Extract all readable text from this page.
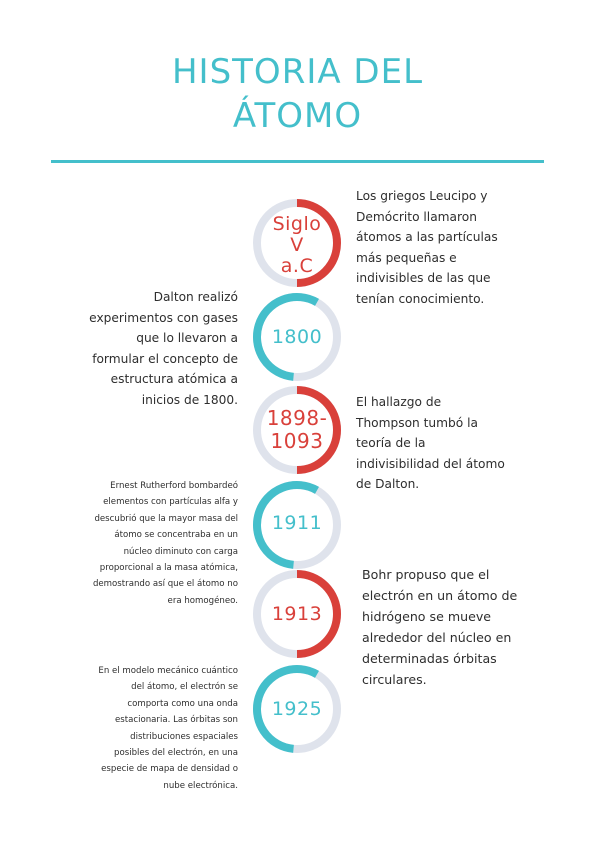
HISTORIA DEL
ÁTOMO
Siglo
V
a.C
1800
1898-
1093
1911
1913
1925

Los griegos Leucipo y Demócrito llamaron átomos a las partículas más pequeñas e indivisibles de las que tenían conocimiento.

Dalton realizó experimentos con gases que lo llevaron a formular el concepto de estructura atómica a inicios de 1800.	El hallazgo de Thompson tumbó la teoría de la indivisibilidad del átomo de Dalton.

Ernest Rutherford bombardeó elementos con partículas alfa y descubrió que la mayor masa del átomo se concentraba en un núcleo diminuto con carga proporcional a la masa atómica, demostrando así que el átomo no era homogéneo.

Bohr propuso que el electrón en un átomo de hidrógeno se mueve alrededor del núcleo en determinadas órbitas circulares.

En el modelo mecánico cuántico del átomo, el electrón se comporta como una onda estacionaria. Las órbitas son distribuciones espaciales posibles del electrón, en una especie de mapa de densidad o nube electrónica.
